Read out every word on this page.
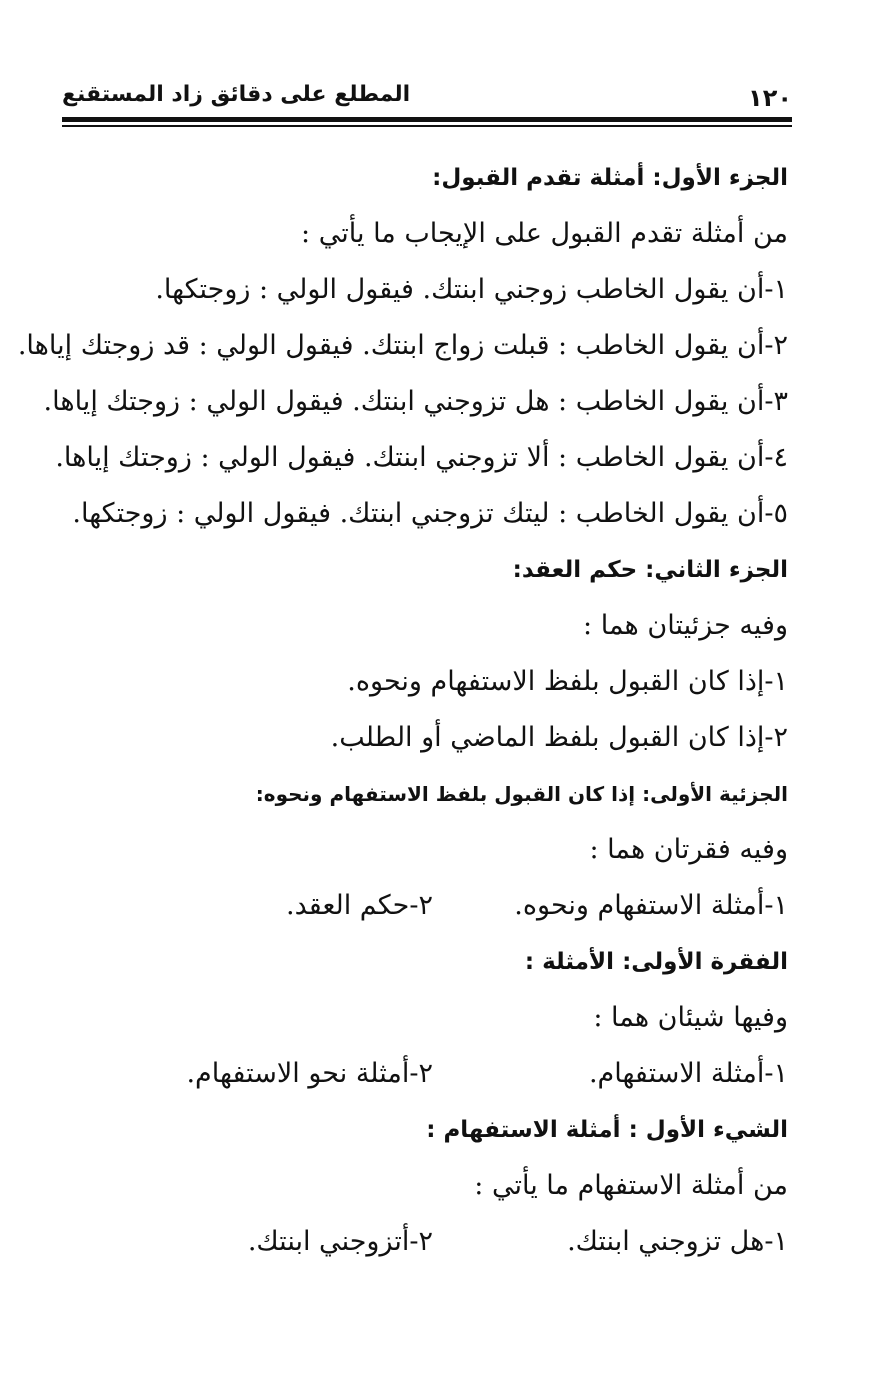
١٢٠
المطلع على دقائق زاد المستقنع
الجزء الأول: أمثلة تقدم القبول:
من أمثلة تقدم القبول على الإيجاب ما يأتي :
١-أن يقول الخاطب زوجني ابنتك. فيقول الولي : زوجتكها.
٢-أن يقول الخاطب : قبلت زواج ابنتك. فيقول الولي : قد زوجتك إياها.
٣-أن يقول الخاطب : هل تزوجني ابنتك. فيقول الولي : زوجتك إياها.
٤-أن يقول الخاطب : ألا تزوجني ابنتك. فيقول الولي : زوجتك إياها.
٥-أن يقول الخاطب : ليتك تزوجني ابنتك. فيقول الولي : زوجتكها.
الجزء الثاني: حكم العقد:
وفيه جزئيتان هما :
١-إذا كان القبول بلفظ الاستفهام ونحوه.
٢-إذا كان القبول بلفظ الماضي أو الطلب.
الجزئية الأولى: إذا كان القبول بلفظ الاستفهام ونحوه:
وفيه فقرتان هما :
١-أمثلة الاستفهام ونحوه.
٢-حكم العقد.
الفقرة الأولى: الأمثلة :
وفيها شيئان هما :
١-أمثلة الاستفهام.
٢-أمثلة نحو الاستفهام.
الشيء الأول : أمثلة الاستفهام :
من أمثلة الاستفهام ما يأتي :
١-هل تزوجني ابنتك.
٢-أتزوجني ابنتك.
